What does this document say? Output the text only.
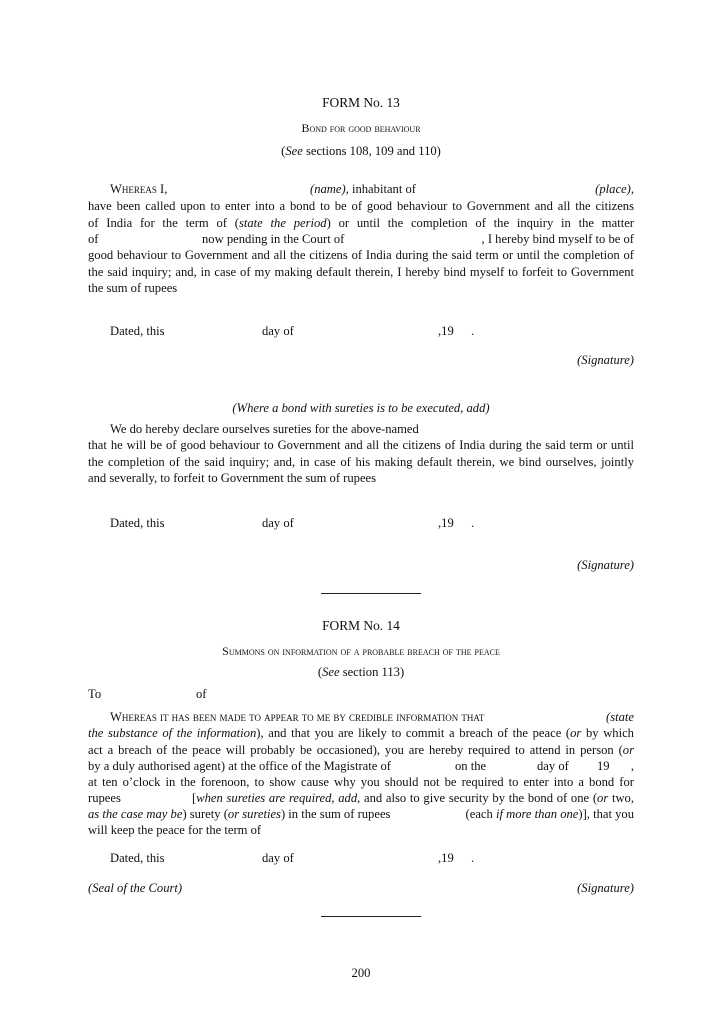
FORM No. 13
Bond for good behaviour
(See sections 108, 109 and 110)
Whereas I,	(name), inhabitant of	(place),
have been called upon to enter into a bond to be of good behaviour to Government and all the citizens
of India for the term of (state the period) or until the completion of the inquiry in the matter
of	now pending in the Court of	, I hereby bind myself to be of
good behaviour to Government and all the citizens of India during the said term or until the completion of
the said inquiry; and, in case of my making default therein, I hereby bind myself to forfeit to Government
the sum of rupees
Dated, this	day of	,19 .
(Signature)
(Where a bond with sureties is to be executed, add)
We do hereby declare ourselves sureties for the above-named
that he will be of good behaviour to Government and all the citizens of India during the said term or until
the completion of the said inquiry; and, in case of his making default therein, we bind ourselves, jointly
and severally, to forfeit to Government the sum of rupees
Dated, this	day of	,19 .
(Signature)
FORM No. 14
Summons on information of a probable breach of the peace
(See section 113)
To	of
Whereas it has been made to appear to me by credible information that	(state
the substance of the information), and that you are likely to commit a breach of the peace (or by which
act a breach of the peace will probably be occasioned), you are hereby required to attend in person (or
by a duly authorised agent) at the office of the Magistrate of	on the	day of 19 ,
at ten o’clock in the forenoon, to show cause why you should not be required to enter into a bond for
rupees	[when sureties are required, add, and also to give security by the bond of one (or two,
as the case may be) surety (or sureties) in the sum of rupees	(each if more than one)], that you
will keep the peace for the term of
Dated, this	day of	,19 .
(Seal of the Court)	(Signature)
200
